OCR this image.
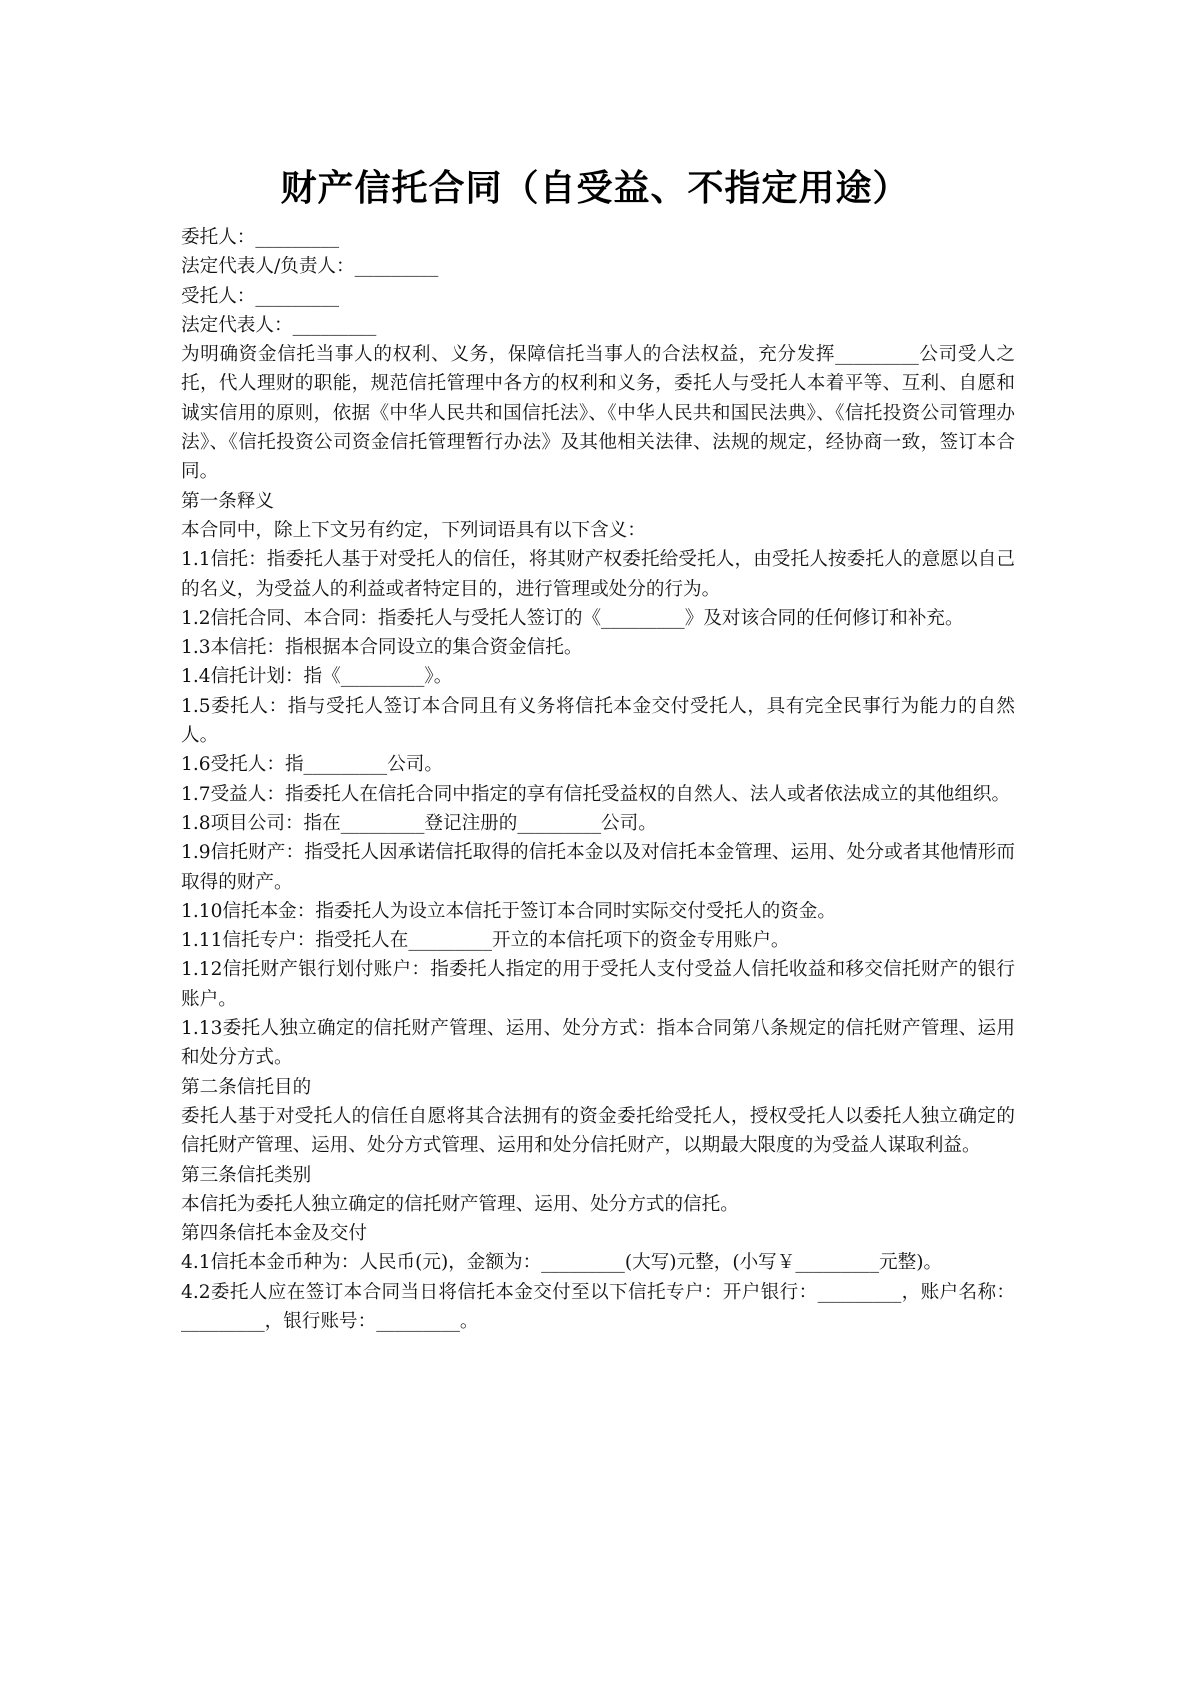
财产信托合同（自受益、不指定用途）
委托人：_________
法定代表人/负责人：_________
受托人：_________
法定代表人：_________
为明确资金信托当事人的权利、义务，保障信托当事人的合法权益，充分发挥_________公司受人之托，代人理财的职能，规范信托管理中各方的权利和义务，委托人与受托人本着平等、互利、自愿和诚实信用的原则，依据《中华人民共和国信托法》、《中华人民共和国民法典》、《信托投资公司管理办法》、《信托投资公司资金信托管理暂行办法》及其他相关法律、法规的规定，经协商一致，签订本合同。
第一条释义
本合同中，除上下文另有约定，下列词语具有以下含义：
1.1信托：指委托人基于对受托人的信任，将其财产权委托给受托人，由受托人按委托人的意愿以自己的名义，为受益人的利益或者特定目的，进行管理或处分的行为。
1.2信托合同、本合同：指委托人与受托人签订的《_________》及对该合同的任何修订和补充。
1.3本信托：指根据本合同设立的集合资金信托。
1.4信托计划：指《_________》。
1.5委托人：指与受托人签订本合同且有义务将信托本金交付受托人，具有完全民事行为能力的自然人。
1.6受托人：指_________公司。
1.7受益人：指委托人在信托合同中指定的享有信托受益权的自然人、法人或者依法成立的其他组织。
1.8项目公司：指在_________登记注册的_________公司。
1.9信托财产：指受托人因承诺信托取得的信托本金以及对信托本金管理、运用、处分或者其他情形而取得的财产。
1.10信托本金：指委托人为设立本信托于签订本合同时实际交付受托人的资金。
1.11信托专户：指受托人在_________开立的本信托项下的资金专用账户。
1.12信托财产银行划付账户：指委托人指定的用于受托人支付受益人信托收益和移交信托财产的银行账户。
1.13委托人独立确定的信托财产管理、运用、处分方式：指本合同第八条规定的信托财产管理、运用和处分方式。
第二条信托目的
委托人基于对受托人的信任自愿将其合法拥有的资金委托给受托人，授权受托人以委托人独立确定的信托财产管理、运用、处分方式管理、运用和处分信托财产，以期最大限度的为受益人谋取利益。
第三条信托类别
本信托为委托人独立确定的信托财产管理、运用、处分方式的信托。
第四条信托本金及交付
4.1信托本金币种为：人民币(元)，金额为：_________(大写)元整，(小写￥_________元整)。
4.2委托人应在签订本合同当日将信托本金交付至以下信托专户：开户银行：_________，账户名称：_________，银行账号：_________。
